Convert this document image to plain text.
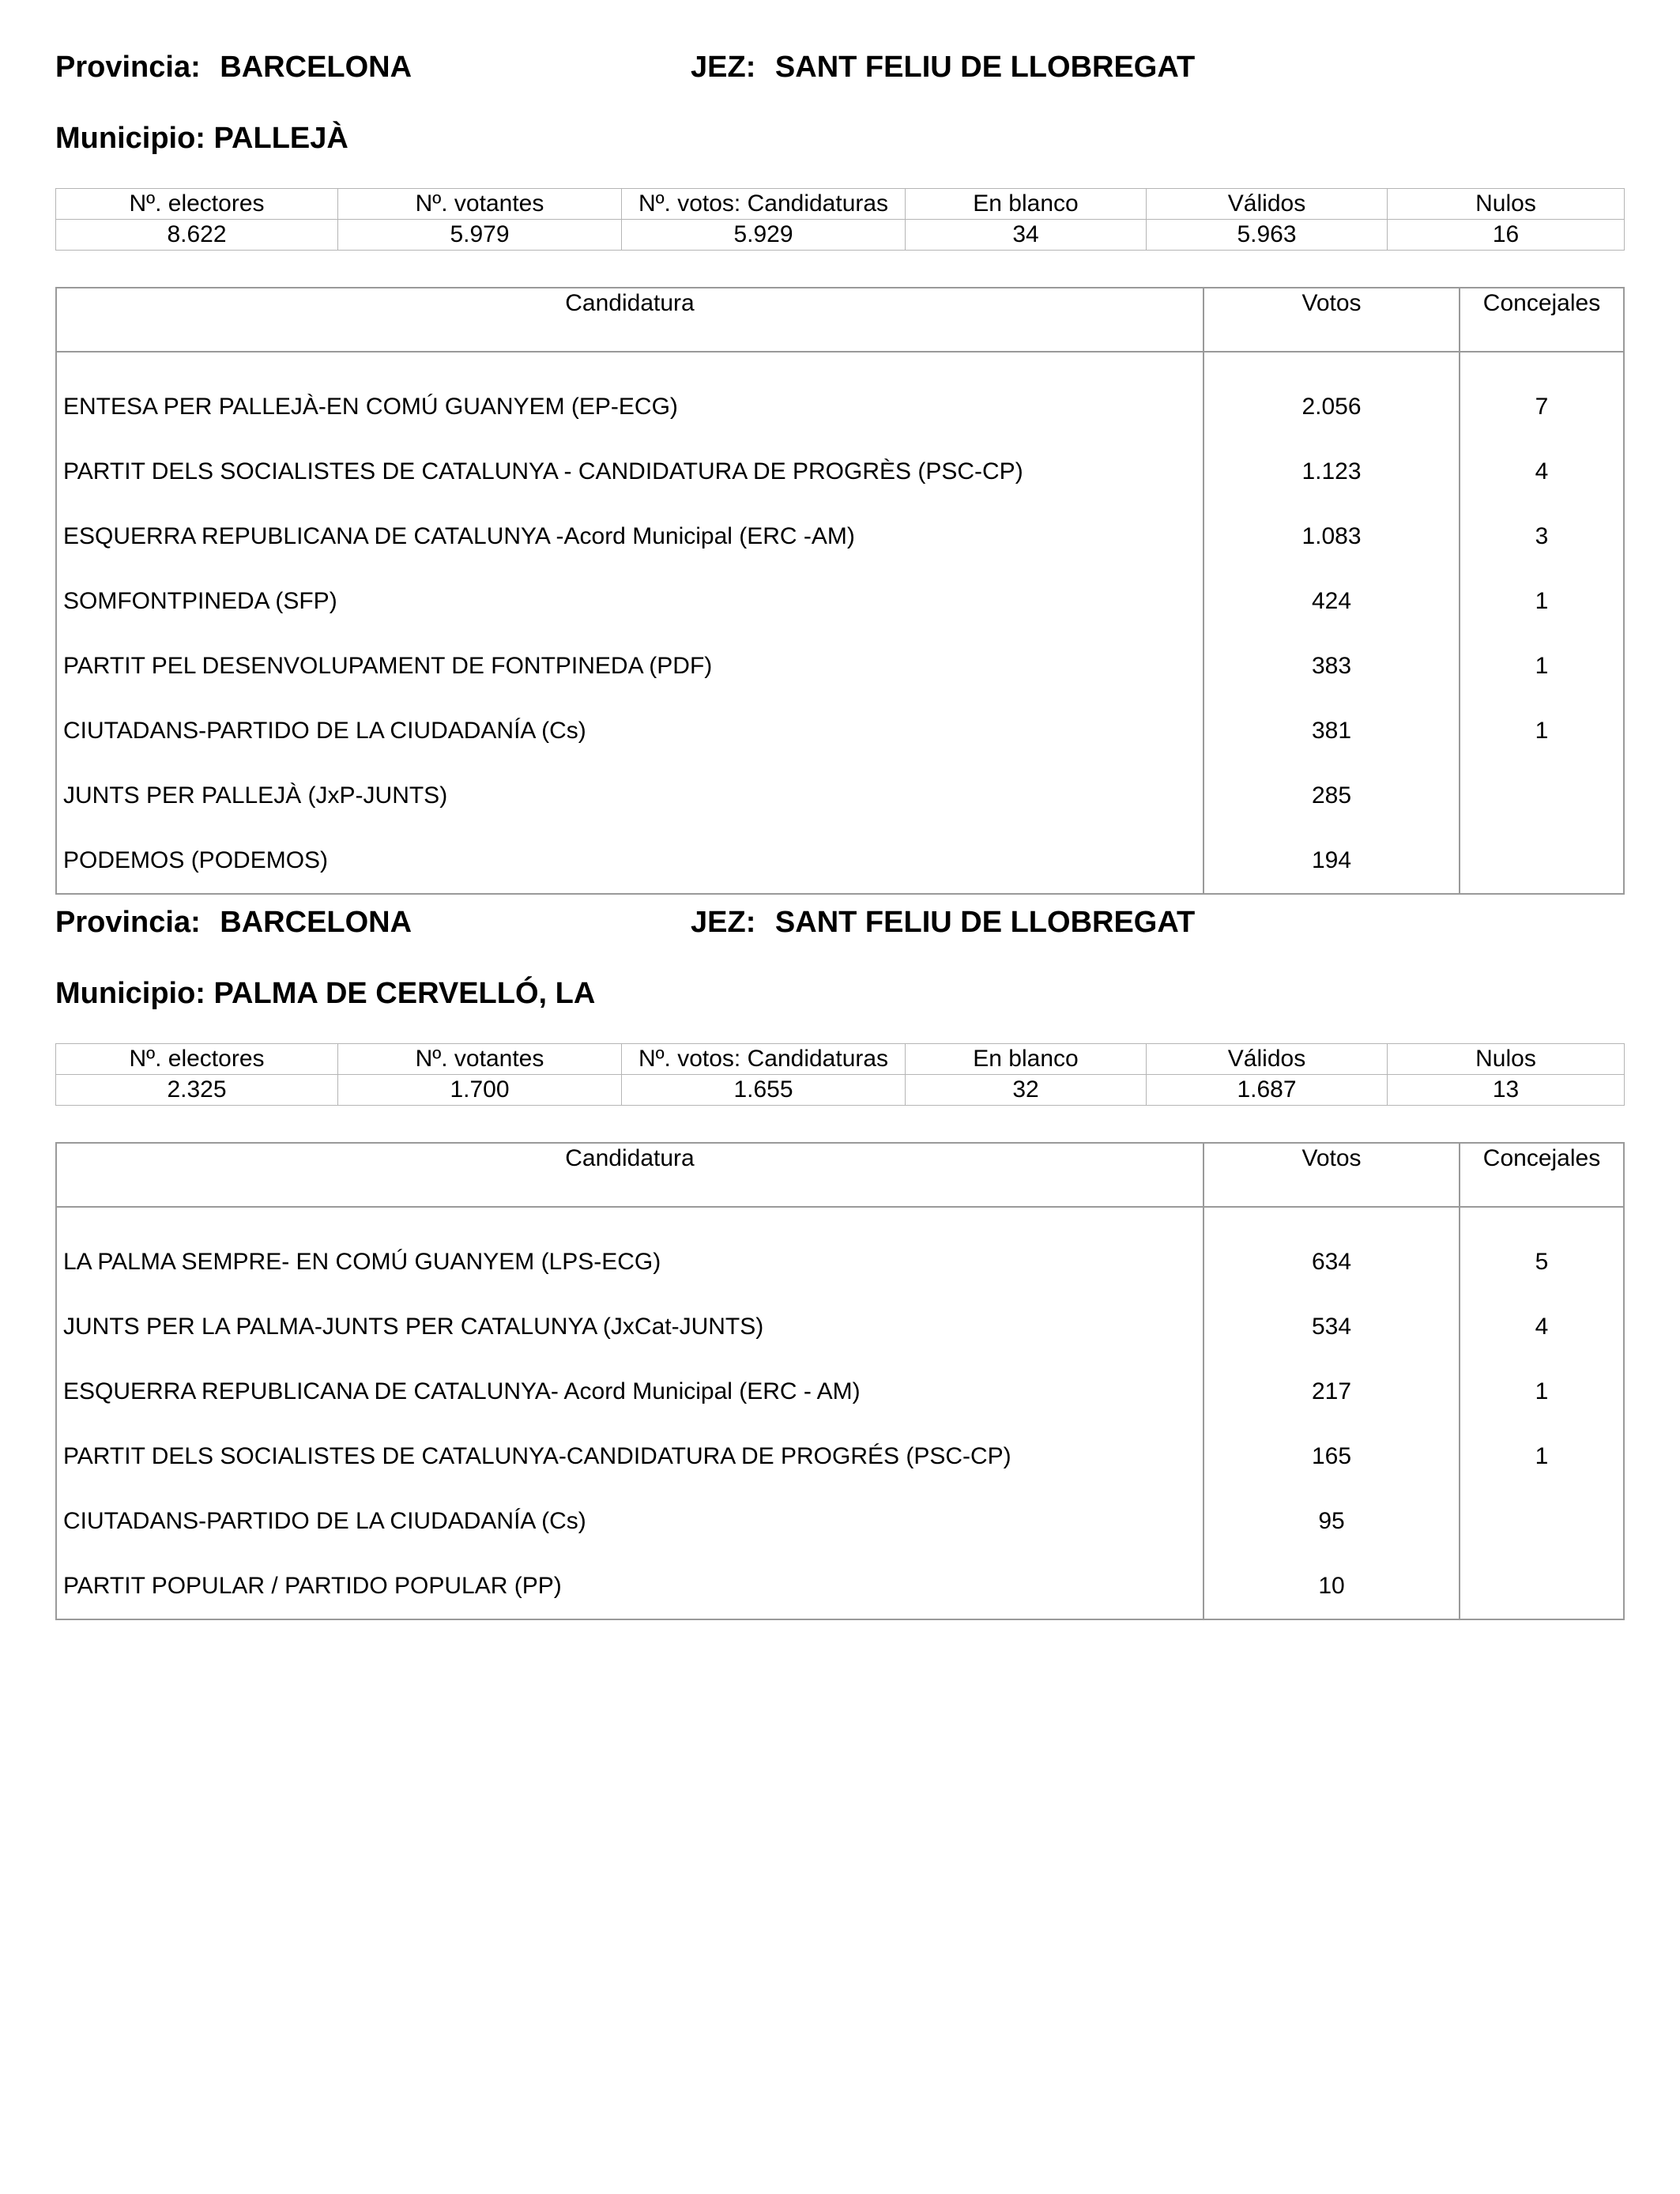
Provincia: BARCELONA	JEZ: SANT FELIU DE LLOBREGAT
Municipio: PALLEJÀ
Nº. electores	Nº. votantes	Nº. votos: Candidaturas	En blanco	Válidos	Nulos
8.622	5.979	5.929	34	5.963	16
Candidatura	Votos	Concejales
ENTESA PER PALLEJÀ-EN COMÚ GUANYEM (EP-ECG)	2.056	7
PARTIT DELS SOCIALISTES DE CATALUNYA - CANDIDATURA DE PROGRÈS (PSC-CP)	1.123	4
ESQUERRA REPUBLICANA DE CATALUNYA -Acord Municipal (ERC -AM)	1.083	3
SOMFONTPINEDA (SFP)	424	1
PARTIT PEL DESENVOLUPAMENT DE FONTPINEDA (PDF)	383	1
CIUTADANS-PARTIDO DE LA CIUDADANÍA (Cs)	381	1
JUNTS PER PALLEJÀ (JxP-JUNTS)	285	
PODEMOS (PODEMOS)	194	
Provincia: BARCELONA	JEZ: SANT FELIU DE LLOBREGAT
Municipio: PALMA DE CERVELLÓ, LA
Nº. electores	Nº. votantes	Nº. votos: Candidaturas	En blanco	Válidos	Nulos
2.325	1.700	1.655	32	1.687	13
Candidatura	Votos	Concejales
LA PALMA SEMPRE- EN COMÚ GUANYEM (LPS-ECG)	634	5
JUNTS PER LA PALMA-JUNTS PER CATALUNYA (JxCat-JUNTS)	534	4
ESQUERRA REPUBLICANA DE CATALUNYA- Acord Municipal (ERC - AM)	217	1
PARTIT DELS SOCIALISTES DE CATALUNYA-CANDIDATURA DE PROGRÉS (PSC-CP)	165	1
CIUTADANS-PARTIDO DE LA CIUDADANÍA (Cs)	95	
PARTIT POPULAR / PARTIDO POPULAR (PP)	10	
